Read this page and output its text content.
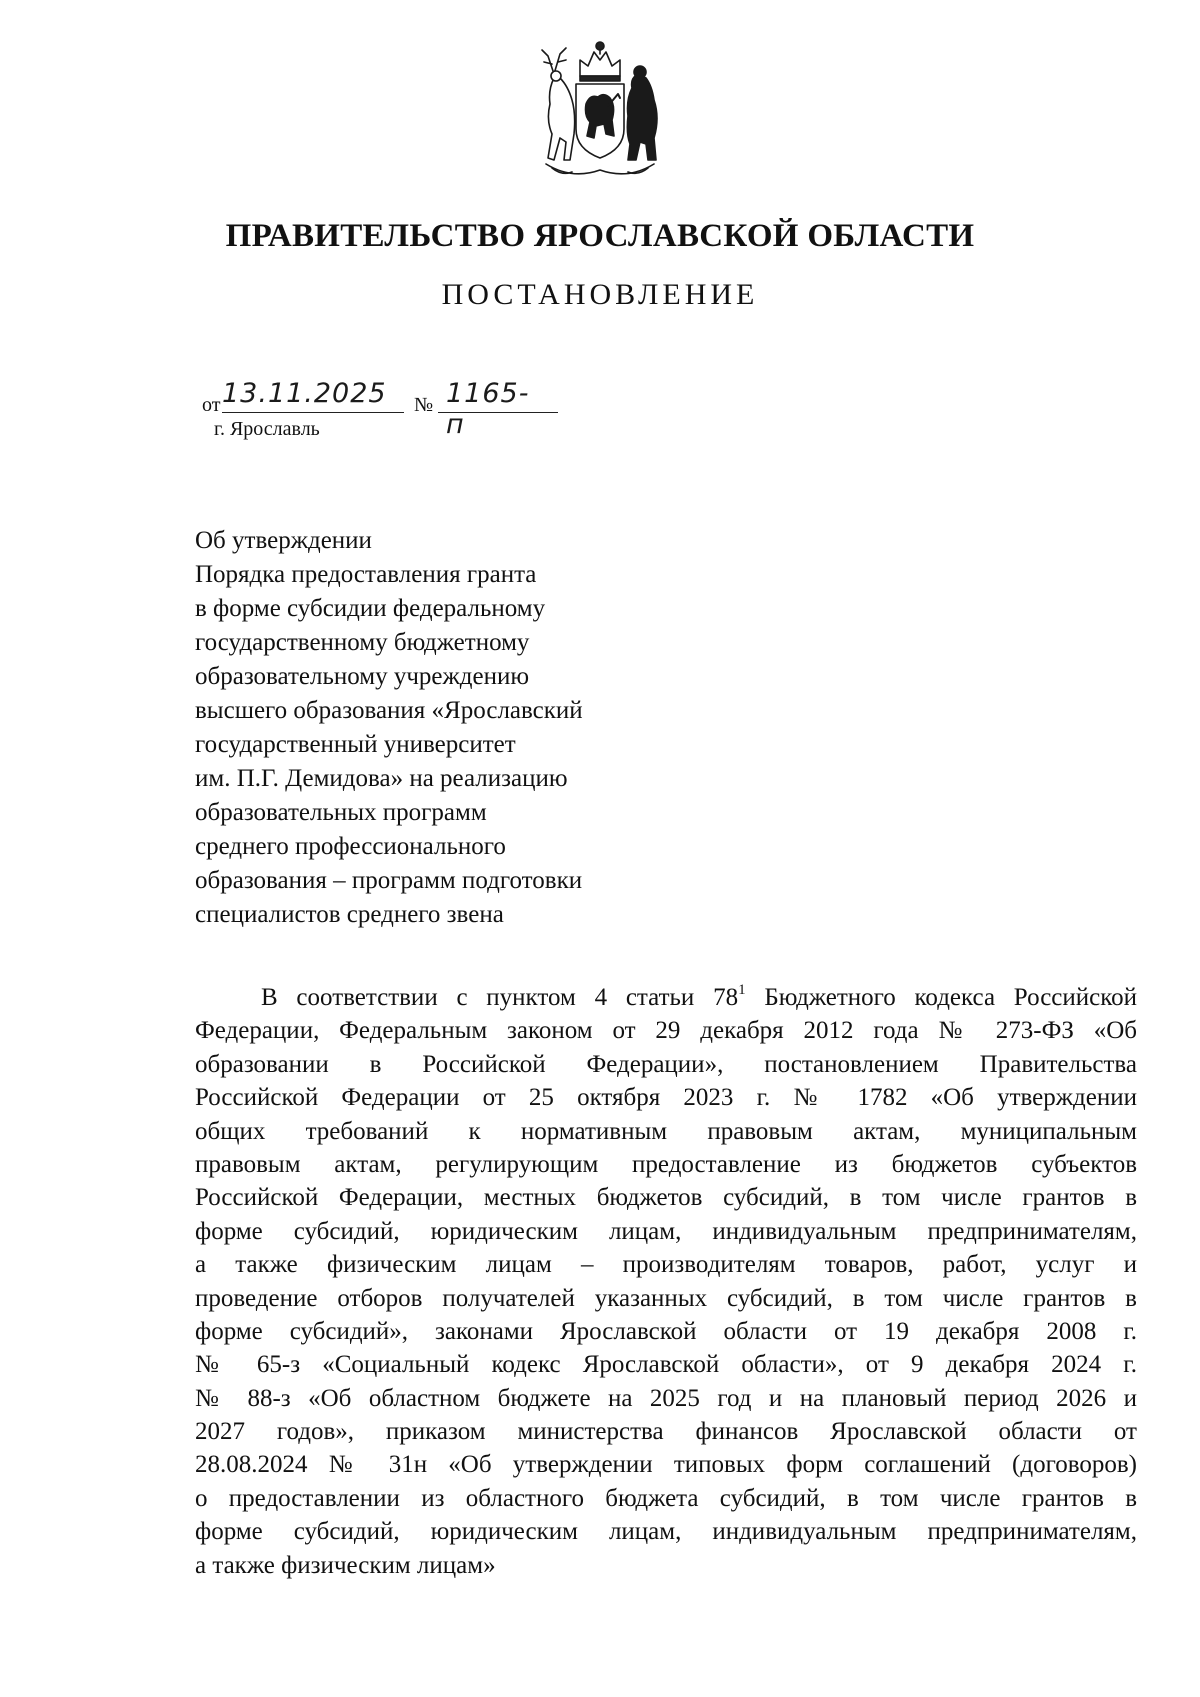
ПРАВИТЕЛЬСТВО ЯРОСЛАВСКОЙ ОБЛАСТИ
ПОСТАНОВЛЕНИЕ
от 13.11.2025 № 1165-п
г. Ярославль
Об утверждении
Порядка предоставления гранта
в форме субсидии федеральному
государственному бюджетному
образовательному учреждению
высшего образования «Ярославский
государственный университет
им. П.Г. Демидова» на реализацию
образовательных программ
среднего профессионального
образования – программ подготовки
специалистов среднего звена
В соответствии с пунктом 4 статьи $78^1$ Бюджетного кодекса Российской
Федерации, Федеральным законом от 29 декабря 2012 года № 273-ФЗ «Об
образовании в Российской Федерации», постановлением Правительства
Российской Федерации от 25 октября 2023 г. № 1782 «Об утверждении
общих требований к нормативным правовым актам, муниципальным
правовым актам, регулирующим предоставление из бюджетов субъектов
Российской Федерации, местных бюджетов субсидий, в том числе грантов в
форме субсидий, юридическим лицам, индивидуальным предпринимателям,
а также физическим лицам – производителям товаров, работ, услуг и
проведение отборов получателей указанных субсидий, в том числе грантов в
форме субсидий», законами Ярославской области от 19 декабря 2008 г.
№ 65-з «Социальный кодекс Ярославской области», от 9 декабря 2024 г.
№ 88-з «Об областном бюджете на 2025 год и на плановый период 2026 и
2027 годов», приказом министерства финансов Ярославской области от
28.08.2024 № 31н «Об утверждении типовых форм соглашений (договоров)
о предоставлении из областного бюджета субсидий, в том числе грантов в
форме субсидий, юридическим лицам, индивидуальным предпринимателям,
а также физическим лицам»
